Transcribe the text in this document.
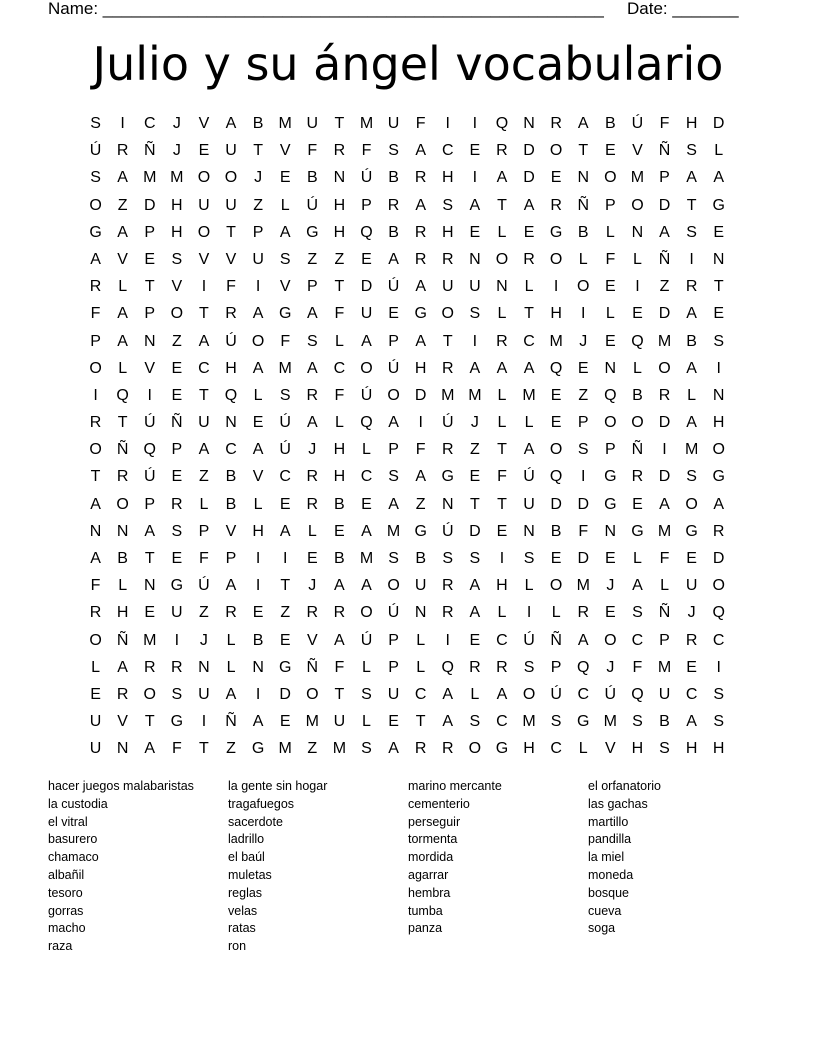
Name: _____________________________________________________ Date: _______
Julio y su ángel vocabulario
S	I	C	J	V	A	B M U	T M U	F	I	I	Q N R A	B Ú	F	H D
Ú R Ñ	J	E U	T	V	F	R	F	S	A C E R D O T	E	V Ñ S	L
S	A M M O O	J	E	B N Ú B R H	I	A D E N O M P	A	A
O Z	D H U U	Z	L	Ú H P R A	S	A	T	A R Ñ P O D	T G
G A	P H O T	P	A G H Q B R H E	L	E G B	L	N A	S	E
A	V	E	S	V	V U S	Z	Z	E	A R R N O R O	L	F	L	Ñ	I	N
R	L	T	V	I	F	I	V	P	T	D Ú A U U N	L	I	O E	I	Z	R	T
F	A	P O T	R A G A	F	U E G O S	L	T	H	I	L	E D A	E
P	A N	Z	A Ú O F	S	L	A	P	A	T	I	R C M	J	E Q M B	S
O	L	V	E C H A M A C O Ú H R A	A	A Q E N	L	O A	I
I	Q	I	E	T Q	L	S R	F	Ú O D M M L M E	Z Q B R	L	N
R	T	Ú Ñ U N E Ú A	L	Q A	I	Ú	J	L	L	E	P O O D A H
O Ñ Q P	A C A Ú	J	H	L	P	F	R	Z	T	A O S	P Ñ	I	M O
T	R Ú E	Z	B	V C R H C S	A G E	F	Ú Q	I	G R D S G
A O P R	L	B	L	E R B	E	A	Z	N	T	T	U D D G E	A O A
N N A	S	P	V H A	L	E	A M G Ú D E N B	F	N G M G R
A	B	T	E	F	P	I	I	E	B M S	B	S	S	I	S	E D E	L	F	E D
F	L	N G Ú A	I	T	J	A	A O U R A H	L	O M	J	A	L	U O
R H E U	Z	R E	Z	R R O Ú N R A	L	I	L	R E	S Ñ	J	Q
O Ñ M	I	J	L	B	E	V	A Ú P	L	I	E C Ú Ñ A O C P R C
L	A R R N	L	N G Ñ	F	L	P	L	Q R R S	P Q	J	F M E	I
E R O S U A	I	D O T	S U C A	L	A O Ú C Ú Q U C S
U V	T G	I	Ñ A	E M U	L	E	T	A	S C M S G M S	B	A	S
U N A	F	T	Z G M Z M S	A R R O G H C	L	V H S H H
hacer juegos malabaristas
la custodia
el vitral
basurero
chamaco
albañil
tesoro
gorras
macho
raza
la gente sin hogar
tragafuegos
sacerdote
ladrillo
el baúl
muletas
reglas
velas
ratas
ron
marino mercante
cementerio
perseguir
tormenta
mordida
agarrar
hembra
tumba
panza
el orfanatorio
las gachas
martillo
pandilla
la miel
moneda
bosque
cueva
soga
